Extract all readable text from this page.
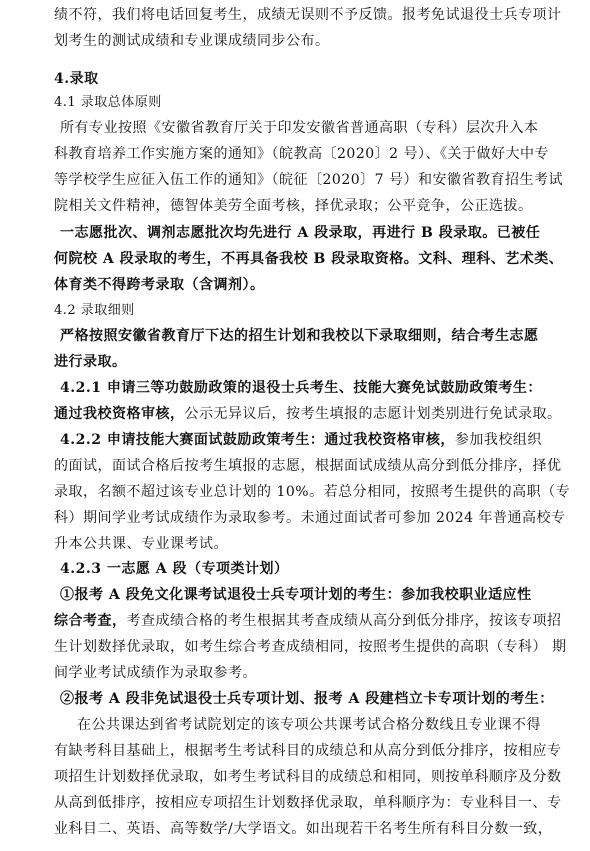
绩不符，我们将电话回复考生，成绩无误则不予反馈。报考免试退役士兵专项计
划考生的测试成绩和专业课成绩同步公布。
4.录取
4.1 录取总体原则
所有专业按照《安徽省教育厅关于印发安徽省普通高职（专科）层次升入本
科教育培养工作实施方案的通知》（皖教高〔2020〕2 号）、《关于做好大中专
等学校学生应征入伍工作的通知》（皖征〔2020〕7 号）和安徽省教育招生考试
院相关文件精神，德智体美劳全面考核，择优录取；公平竞争，公正选拔。
一志愿批次、调剂志愿批次均先进行 A 段录取，再进行 B 段录取。已被任
何院校 A 段录取的考生，不再具备我校 B 段录取资格。文科、理科、艺术类、
体育类不得跨考录取（含调剂）。
4.2 录取细则
严格按照安徽省教育厅下达的招生计划和我校以下录取细则，结合考生志愿
进行录取。
4.2.1 申请三等功鼓励政策的退役士兵考生、技能大赛免试鼓励政策考生：
通过我校资格审核，公示无异议后，按考生填报的志愿计划类别进行免试录取。
4.2.2 申请技能大赛面试鼓励政策考生：通过我校资格审核，参加我校组织
的面试，面试合格后按考生填报的志愿，根据面试成绩从高分到低分排序，择优
录取，名额不超过该专业总计划的 10%。若总分相同，按照考生提供的高职（专
科）期间学业考试成绩作为录取参考。未通过面试者可参加 2024 年普通高校专
升本公共课、专业课考试。
4.2.3 一志愿 A 段（专项类计划）
①报考 A 段免文化课考试退役士兵专项计划的考生：参加我校职业适应性
综合考查，考查成绩合格的考生根据其考查成绩从高分到低分排序，按该专项招
生计划数择优录取，如考生综合考查成绩相同，按照考生提供的高职（专科） 期
间学业考试成绩作为录取参考。
②报考 A 段非免试退役士兵专项计划、报考 A 段建档立卡专项计划的考生：
在公共课达到省考试院划定的该专项公共课考试合格分数线且专业课不得
有缺考科目基础上，根据考生考试科目的成绩总和从高分到低分排序，按相应专
项招生计划数择优录取，如考生考试科目的成绩总和相同，则按单科顺序及分数
从高到低排序，按相应专项招生计划数择优录取，单科顺序为：专业科目一、专
业科目二、英语、高等数学/大学语文。如出现若干名考生所有科目分数一致，
